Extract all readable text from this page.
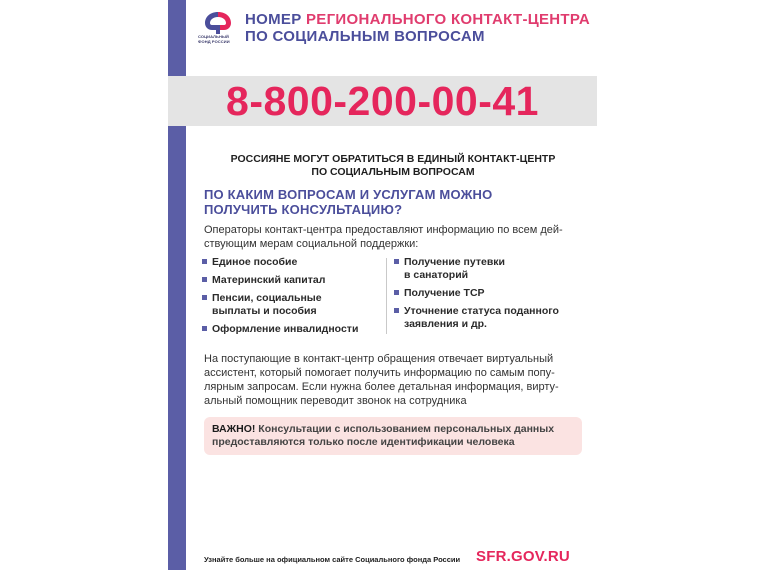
СОЦИАЛЬНЫЙ ФОНД РОССИИ
НОМЕР РЕГИОНАЛЬНОГО КОНТАКТ-ЦЕНТРА
ПО СОЦИАЛЬНЫМ ВОПРОСАМ
8-800-200-00-41
РОССИЯНЕ МОГУТ ОБРАТИТЬСЯ В ЕДИНЫЙ КОНТАКТ-ЦЕНТР
ПО СОЦИАЛЬНЫМ ВОПРОСАМ
ПО КАКИМ ВОПРОСАМ И УСЛУГАМ МОЖНО
ПОЛУЧИТЬ КОНСУЛЬТАЦИЮ?
Операторы контакт-центра предоставляют информацию по всем дей-
ствующим мерам социальной поддержки:
Единое пособие
Материнский капитал
Пенсии, социальные
выплаты и пособия
Оформление инвалидности
Получение путевки
в санаторий
Получение ТСР
Уточнение статуса поданного
заявления и др.
На поступающие в контакт-центр обращения отвечает виртуальный
ассистент, который помогает получить информацию по самым попу-
лярным запросам. Если нужна более детальная информация, вирту-
альный помощник переводит звонок на сотрудника
ВАЖНО! Консультации с использованием персональных данных
предоставляются только после идентификации человека
Узнайте больше на официальном сайте Социального фонда России	SFR.GOV.RU
